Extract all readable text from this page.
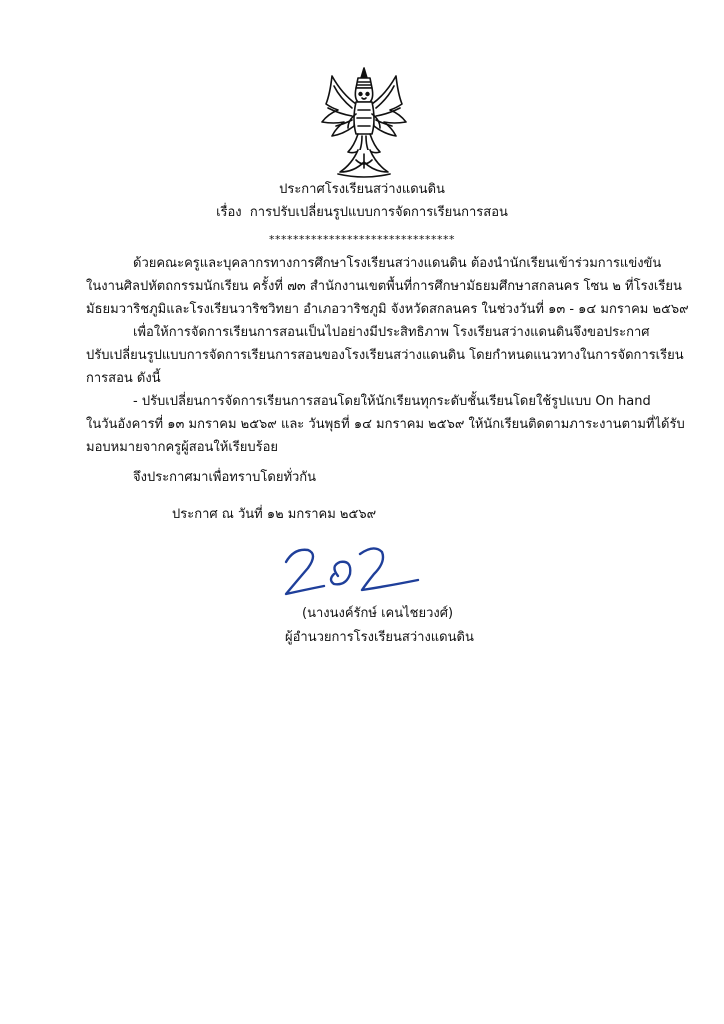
ประกาศโรงเรียนสว่างแดนดิน
เรื่อง การปรับเปลี่ยนรูปแบบการจัดการเรียนการสอน
*******************************
ด้วยคณะครูและบุคลากรทางการศึกษาโรงเรียนสว่างแดนดิน ต้องนำนักเรียนเข้าร่วมการแข่งขัน
ในงานศิลปหัตถกรรมนักเรียน ครั้งที่ ๗๓ สำนักงานเขตพื้นที่การศึกษามัธยมศึกษาสกลนคร โซน ๒ ที่โรงเรียน
มัธยมวาริชภูมิและโรงเรียนวาริชวิทยา อำเภอวาริชภูมิ จังหวัดสกลนคร ในช่วงวันที่ ๑๓ - ๑๔ มกราคม ๒๕๖๙
เพื่อให้การจัดการเรียนการสอนเป็นไปอย่างมีประสิทธิภาพ โรงเรียนสว่างแดนดินจึงขอประกาศ
ปรับเปลี่ยนรูปแบบการจัดการเรียนการสอนของโรงเรียนสว่างแดนดิน โดยกำหนดแนวทางในการจัดการเรียน
การสอน ดังนี้
- ปรับเปลี่ยนการจัดการเรียนการสอนโดยให้นักเรียนทุกระดับชั้นเรียนโดยใช้รูปแบบ On hand
ในวันอังคารที่ ๑๓ มกราคม ๒๕๖๙ และ วันพุธที่ ๑๔ มกราคม ๒๕๖๙ ให้นักเรียนติดตามภาระงานตามที่ได้รับ
มอบหมายจากครูผู้สอนให้เรียบร้อย
จึงประกาศมาเพื่อทราบโดยทั่วกัน
ประกาศ ณ วันที่ ๑๒ มกราคม ๒๕๖๙
(นางนงค์รักษ์ เคนไชยวงศ์)
ผู้อำนวยการโรงเรียนสว่างแดนดิน
